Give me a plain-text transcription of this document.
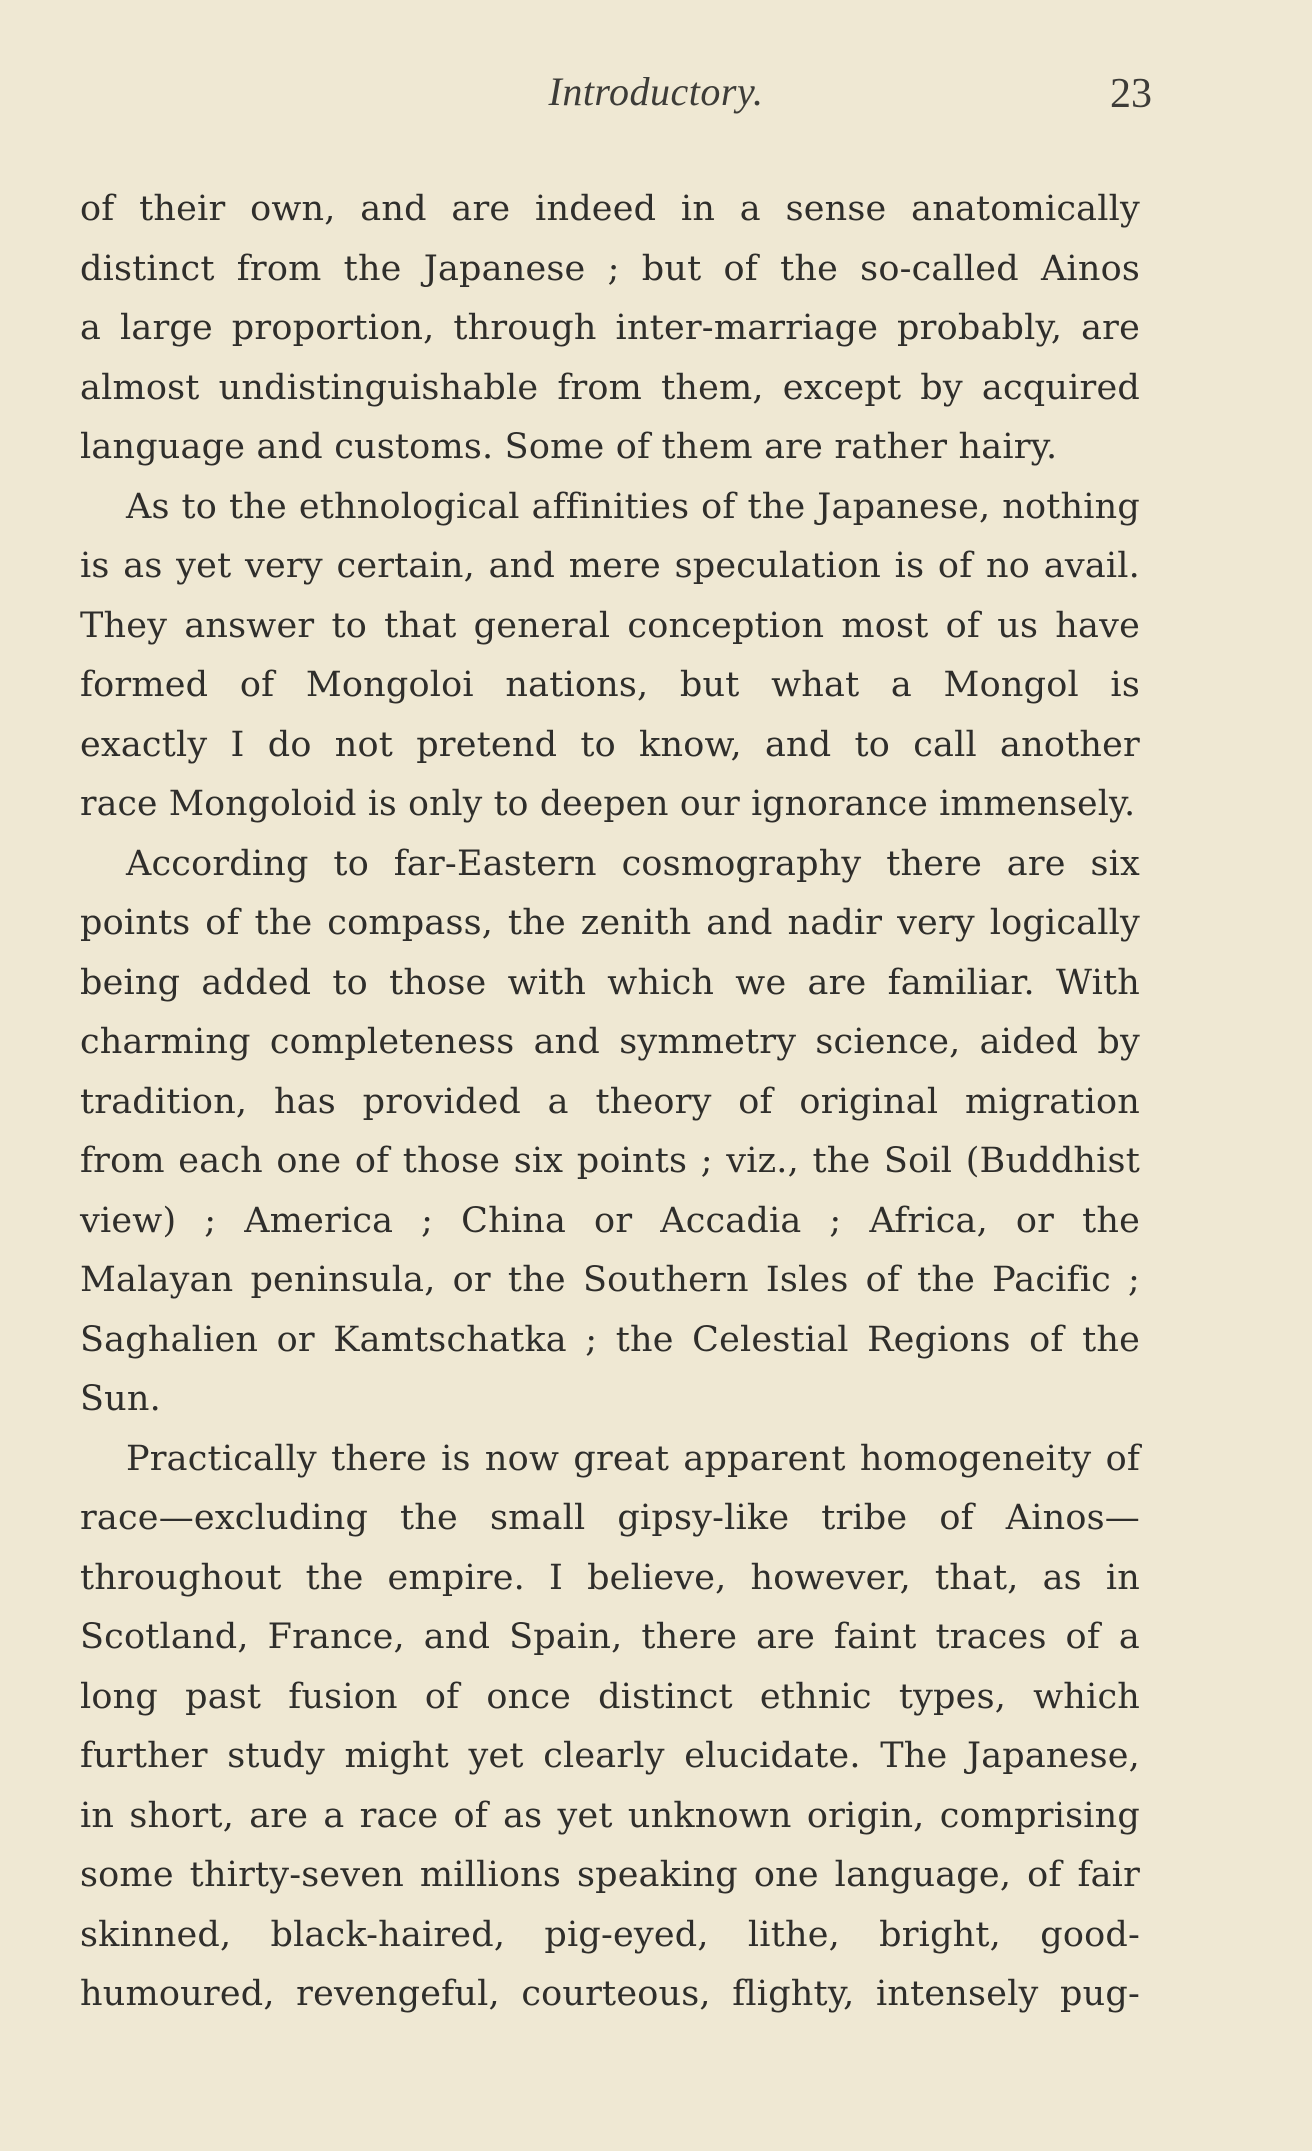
Introductory.	23
of their own, and are indeed in a sense anatomically
distinct from the Japanese ; but of the so-called Ainos
a large proportion, through inter-marriage probably, are
almost undistinguishable from them, except by acquired
language and customs. Some of them are rather hairy.
As to the ethnological affinities of the Japanese, nothing
is as yet very certain, and mere speculation is of no avail.
They answer to that general conception most of us have
formed of Mongoloi nations, but what a Mongol is
exactly I do not pretend to know, and to call another
race Mongoloid is only to deepen our ignorance immensely.
According to far-Eastern cosmography there are six
points of the compass, the zenith and nadir very logically
being added to those with which we are familiar. With
charming completeness and symmetry science, aided by
tradition, has provided a theory of original migration
from each one of those six points ; viz., the Soil (Buddhist
view) ; America ; China or Accadia ; Africa, or the
Malayan peninsula, or the Southern Isles of the Pacific ;
Saghalien or Kamtschatka ; the Celestial Regions of the
Sun.
Practically there is now great apparent homogeneity of
race—excluding the small gipsy-like tribe of Ainos—
throughout the empire. I believe, however, that, as in
Scotland, France, and Spain, there are faint traces of a
long past fusion of once distinct ethnic types, which
further study might yet clearly elucidate. The Japanese,
in short, are a race of as yet unknown origin, comprising
some thirty-seven millions speaking one language, of fair
skinned, black-haired, pig-eyed, lithe, bright, good-
humoured, revengeful, courteous, flighty, intensely pug-
